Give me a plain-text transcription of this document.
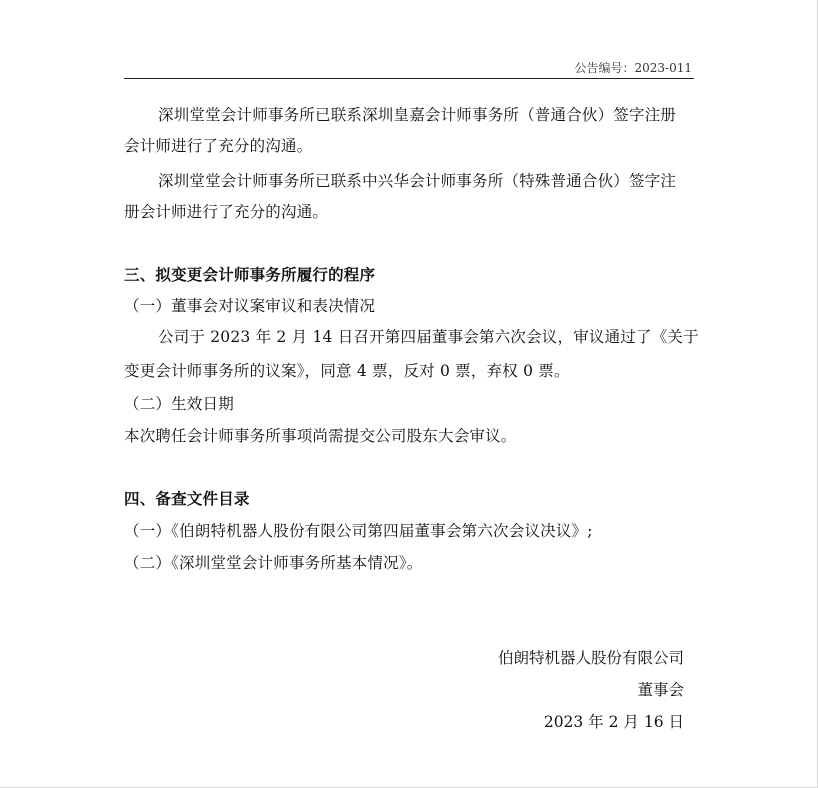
公告编号：2023-011
深圳堂堂会计师事务所已联系深圳皇嘉会计师事务所（普通合伙）签字注册
会计师进行了充分的沟通。
深圳堂堂会计师事务所已联系中兴华会计师事务所（特殊普通合伙）签字注
册会计师进行了充分的沟通。
三、拟变更会计师事务所履行的程序
（一）董事会对议案审议和表决情况
公司于 2023 年 2 月 14 日召开第四届董事会第六次会议，审议通过了《关于
变更会计师事务所的议案》，同意 4 票，反对 0 票，弃权 0 票。
（二）生效日期
本次聘任会计师事务所事项尚需提交公司股东大会审议。
四、备查文件目录
（一）《伯朗特机器人股份有限公司第四届董事会第六次会议决议》;
（二）《深圳堂堂会计师事务所基本情况》。
伯朗特机器人股份有限公司
董事会
2023 年 2 月 16 日
